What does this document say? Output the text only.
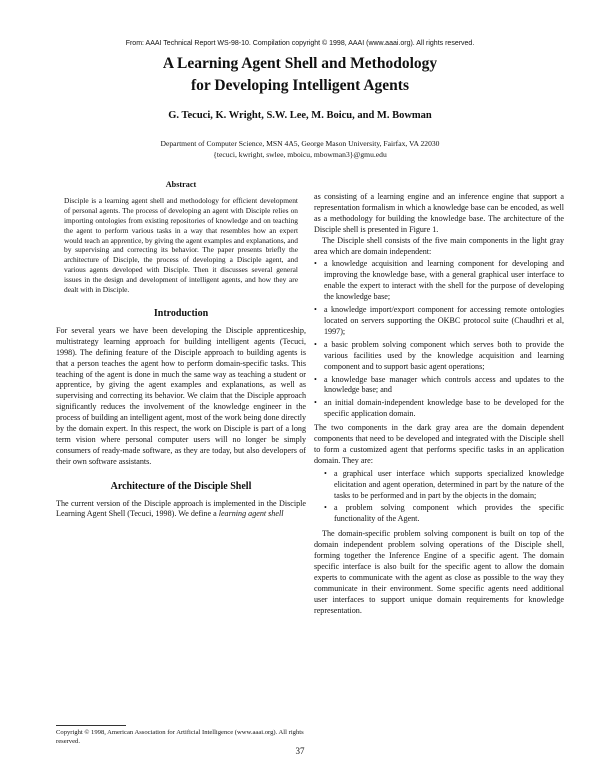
From: AAAI Technical Report WS-98-10. Compilation copyright © 1998, AAAI (www.aaai.org). All rights reserved.
A Learning Agent Shell and Methodology
for Developing Intelligent Agents
G. Tecuci, K. Wright, S.W. Lee, M. Boicu, and M. Bowman
Department of Computer Science, MSN 4A5, George Mason University, Fairfax, VA 22030
{tecuci, kwright, swlee, mboicu, mbowman3}@gmu.edu
Abstract

Disciple is a learning agent shell and methodology for efficient development of personal agents. The process of developing an agent with Disciple relies on importing ontologies from existing repositories of knowledge and on teaching the agent to perform various tasks in a way that resembles how an expert would teach an apprentice, by giving the agent examples and explanations, and by supervising and correcting its behavior. The paper presents briefly the architecture of Disciple, the process of developing a Disciple agent, and various agents developed with Disciple. Then it discusses several general issues in the design and development of intelligent agents, and how they are dealt with in Disciple.

Introduction

For several years we have been developing the Disciple apprenticeship, multistrategy learning approach for building intelligent agents (Tecuci, 1998). The defining feature of the Disciple approach to building agents is that a person teaches the agent how to perform domain-specific tasks. This teaching of the agent is done in much the same way as teaching a student or apprentice, by giving the agent examples and explanations, as well as supervising and correcting its behavior. We claim that the Disciple approach significantly reduces the involvement of the knowledge engineer in the process of building an intelligent agent, most of the work being done directly by the domain expert. In this respect, the work on Disciple is part of a long term vision where personal computer users will no longer be simply consumers of ready-made software, as they are today, but also developers of their own software assistants.

Architecture of the Disciple Shell

The current version of the Disciple approach is implemented in the Disciple Learning Agent Shell (Tecuci, 1998). We define a learning agent shell

as consisting of a learning engine and an inference engine that support a representation formalism in which a knowledge base can be encoded, as well as a methodology for building the knowledge base. The architecture of the Disciple shell is presented in Figure 1.

The Disciple shell consists of the five main components in the light gray area which are domain independent:

• a knowledge acquisition and learning component for developing and improving the knowledge base, with a general graphical user interface to enable the expert to interact with the shell for the purpose of developing the knowledge base;
• a knowledge import/export component for accessing remote ontologies located on servers supporting the OKBC protocol suite (Chaudhri et al, 1997);
• a basic problem solving component which serves both to provide the various facilities used by the knowledge acquisition and learning component and to support basic agent operations;
• a knowledge base manager which controls access and updates to the knowledge base; and
• an initial domain-independent knowledge base to be developed for the specific application domain.

The two components in the dark gray area are the domain dependent components that need to be developed and integrated with the Disciple shell to form a customized agent that performs specific tasks in an application domain. They are:

• a graphical user interface which supports specialized knowledge elicitation and agent operation, determined in part by the nature of the tasks to be performed and in part by the objects in the domain;
• a problem solving component which provides the specific functionality of the Agent.

The domain-specific problem solving component is built on top of the domain independent problem solving operations of the Disciple shell, forming together the Inference Engine of a specific agent. The domain specific interface is also built for the specific agent to allow the domain experts to communicate with the agent as close as possible to the way they communicate in their environment. Some specific agents need additional user interfaces to support unique domain requirements for knowledge representation.

Copyright © 1998, American Association for Artificial Intelligence (www.aaai.org). All rights reserved.
37
